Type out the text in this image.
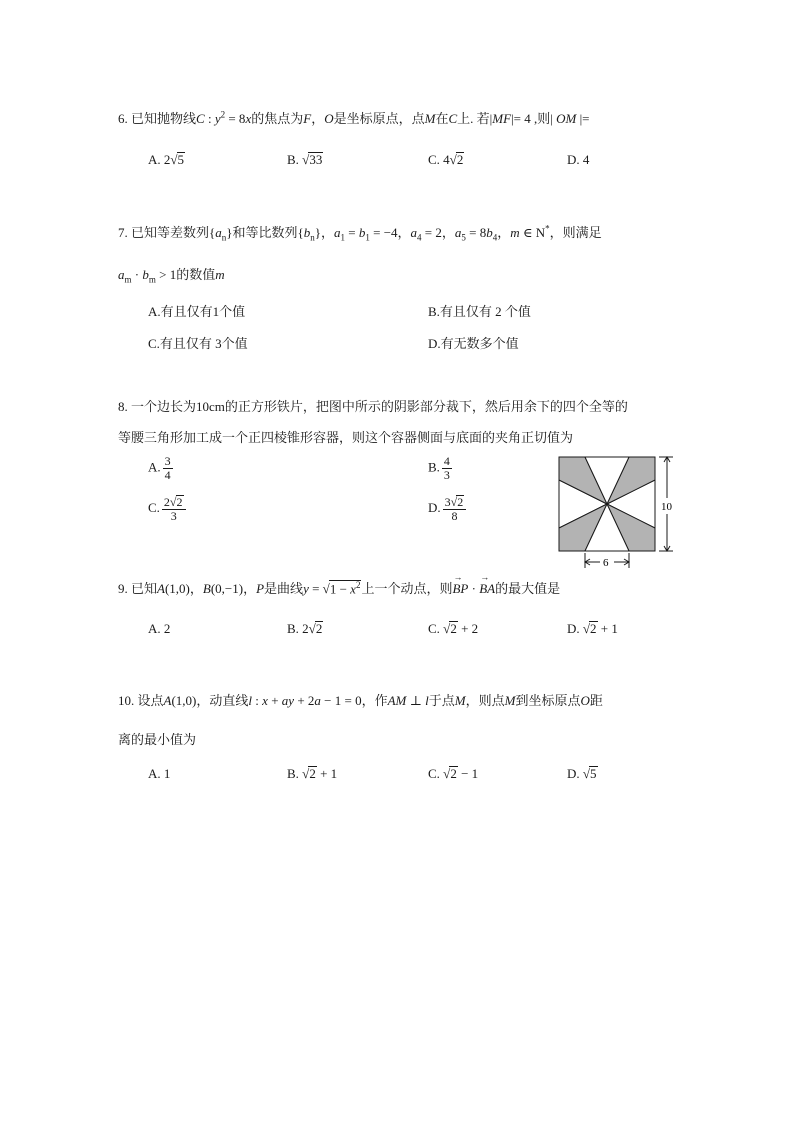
6. 已知抛物线C : $y^2 = 8x$的焦点为F，O是坐标原点，点M在C上. 若|MF|= 4 ,则| OM |=
A. 2√5	B. √33	C. 4√2	D. 4
7. 已知等差数列$\{a_n\}$和等比数列$\{b_n\}$，$a_1 = b_1 = -4$，$a_4 = 2$，$a_5 = 8b_4$，m ∈ N*，则满足
$a_m \cdot b_m > 1$的数值m
A.有且仅有1个值	B.有且仅有 2 个值
C.有且仅有 3个值	D.有无数多个值
8. 一个边长为10cm的正方形铁片，把图中所示的阴影部分裁下，然后用余下的四个全等的
等腰三角形加工成一个正四棱锥形容器，则这个容器侧面与底面的夹角正切值为
A. $\frac{3}{4}$	B. $\frac{4}{3}$
C. $\frac{2√2}{3}$	D. $\frac{3√2}{8}$	10
6
9. 已知A(1,0)，B(0,−1)，P是曲线$y = √1 - x^2$上一个动点，则→ BP · → BA的最大值是
A. 2	B. 2√2	C. √2 + 2	D. √2 + 1
10. 设点A(1,0)，动直线l : x + ay + 2a − 1 = 0，作AM ⊥ l于点M，则点M到坐标原点O距
离的最小值为
A. 1	B. √2 + 1	C. √2 − 1	D. √5
